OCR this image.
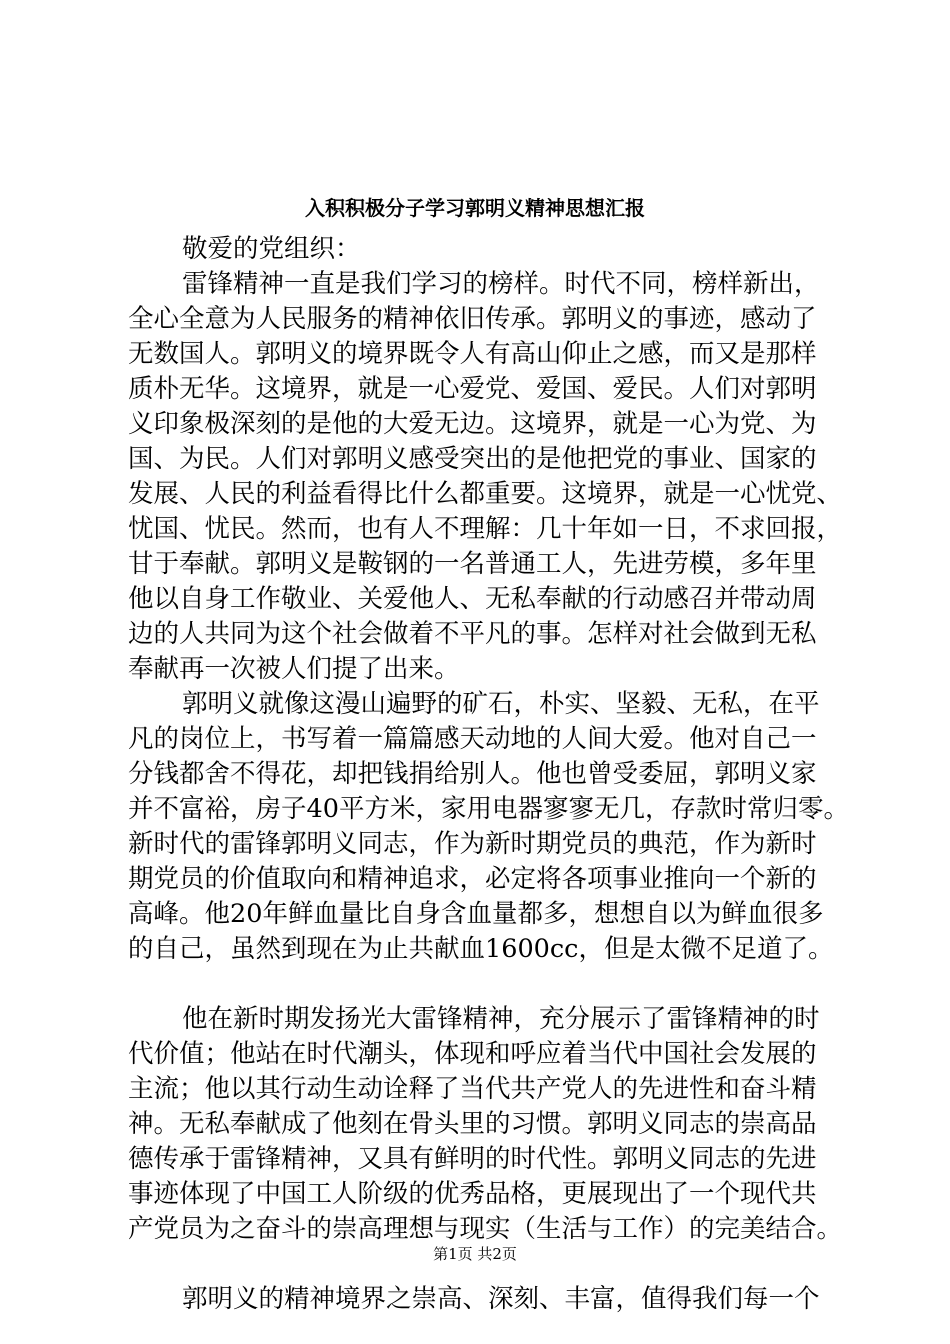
入积积极分子学习郭明义精神思想汇报
敬爱的党组织：
雷锋精神一直是我们学习的榜样。时代不同，榜样新出，
全心全意为人民服务的精神依旧传承。郭明义的事迹，感动了
无数国人。郭明义的境界既令人有高山仰止之感，而又是那样
质朴无华。这境界，就是一心爱党、爱国、爱民。人们对郭明
义印象极深刻的是他的大爱无边。这境界，就是一心为党、为
国、为民。人们对郭明义感受突出的是他把党的事业、国家的
发展、人民的利益看得比什么都重要。这境界，就是一心忧党、
忧国、忧民。然而，也有人不理解：几十年如一日，不求回报，
甘于奉献。郭明义是鞍钢的一名普通工人，先进劳模，多年里
他以自身工作敬业、关爱他人、无私奉献的行动感召并带动周
边的人共同为这个社会做着不平凡的事。怎样对社会做到无私
奉献再一次被人们提了出来。
郭明义就像这漫山遍野的矿石，朴实、坚毅、无私，在平
凡的岗位上，书写着一篇篇感天动地的人间大爱。他对自己一
分钱都舍不得花，却把钱捐给别人。他也曾受委屈，郭明义家
并不富裕，房子40平方米，家用电器寥寥无几，存款时常归零。
新时代的雷锋郭明义同志，作为新时期党员的典范，作为新时
期党员的价值取向和精神追求，必定将各项事业推向一个新的
高峰。他20年鲜血量比自身含血量都多，想想自以为鲜血很多
的自己，虽然到现在为止共献血1600cc，但是太微不足道了。
他在新时期发扬光大雷锋精神，充分展示了雷锋精神的时
代价值；他站在时代潮头，体现和呼应着当代中国社会发展的
主流；他以其行动生动诠释了当代共产党人的先进性和奋斗精
神。无私奉献成了他刻在骨头里的习惯。郭明义同志的崇高品
德传承于雷锋精神，又具有鲜明的时代性。郭明义同志的先进
事迹体现了中国工人阶级的优秀品格，更展现出了一个现代共
产党员为之奋斗的崇高理想与现实（生活与工作）的完美结合。
郭明义的精神境界之崇高、深刻、丰富，值得我们每一个
第1页 共2页
